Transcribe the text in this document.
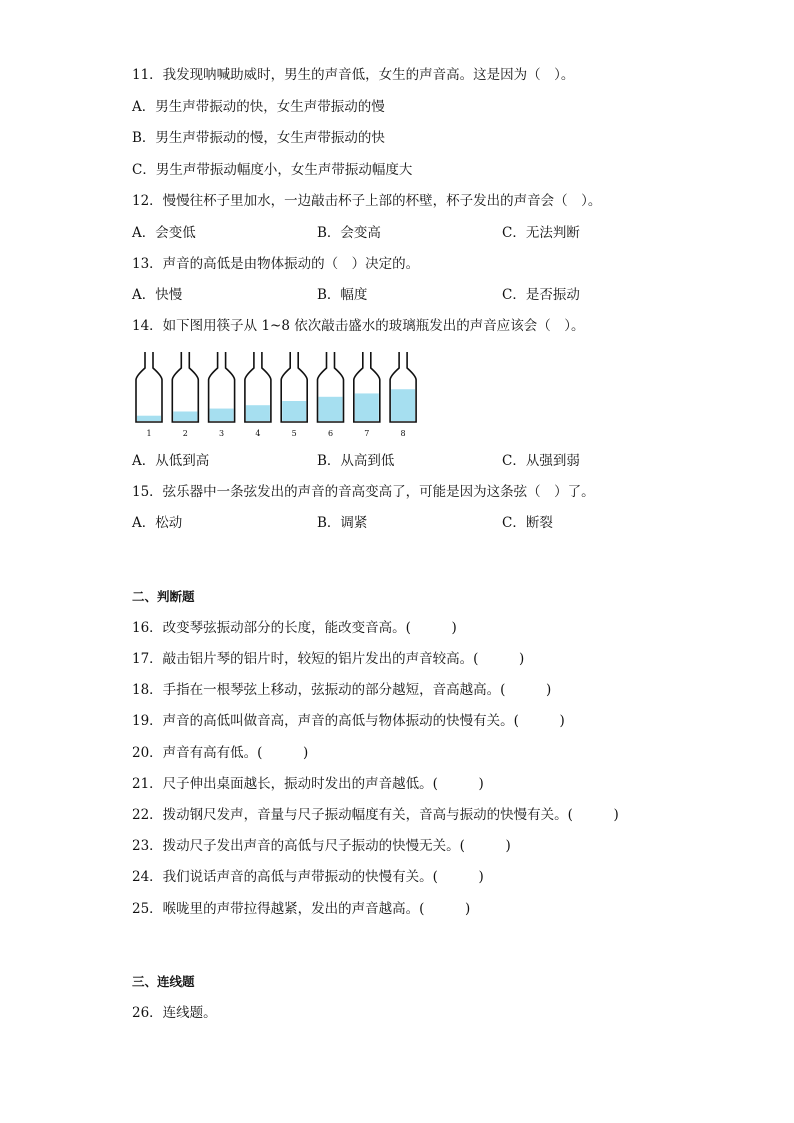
11．我发现呐喊助威时，男生的声音低，女生的声音高。这是因为（　）。
A．男生声带振动的快，女生声带振动的慢
B．男生声带振动的慢，女生声带振动的快
C．男生声带振动幅度小，女生声带振动幅度大
12．慢慢往杯子里加水，一边敲击杯子上部的杯壁，杯子发出的声音会（　）。
A．会变低	B．会变高	C．无法判断
13．声音的高低是由物体振动的（　）决定的。
A．快慢	B．幅度	C．是否振动
14．如下图用筷子从 1~8 依次敲击盛水的玻璃瓶发出的声音应该会（　）。
1	2	3	4	5	6	7	8
A．从低到高	B．从高到低	C．从强到弱
15．弦乐器中一条弦发出的声音的音高变高了，可能是因为这条弦（　）了。
A．松动	B．调紧	C．断裂
二、判断题
16．改变琴弦振动部分的长度，能改变音高。(　　　)
17．敲击铝片琴的铝片时，较短的铝片发出的声音较高。(　　　)
18．手指在一根琴弦上移动，弦振动的部分越短，音高越高。(　　　)
19．声音的高低叫做音高，声音的高低与物体振动的快慢有关。(　　　)
20．声音有高有低。(　　　)
21．尺子伸出桌面越长，振动时发出的声音越低。(　　　)
22．拨动钢尺发声，音量与尺子振动幅度有关，音高与振动的快慢有关。(　　　)
23．拨动尺子发出声音的高低与尺子振动的快慢无关。(　　　)
24．我们说话声音的高低与声带振动的快慢有关。(　　　)
25．喉咙里的声带拉得越紧，发出的声音越高。(　　　)
三、连线题
26．连线题。
